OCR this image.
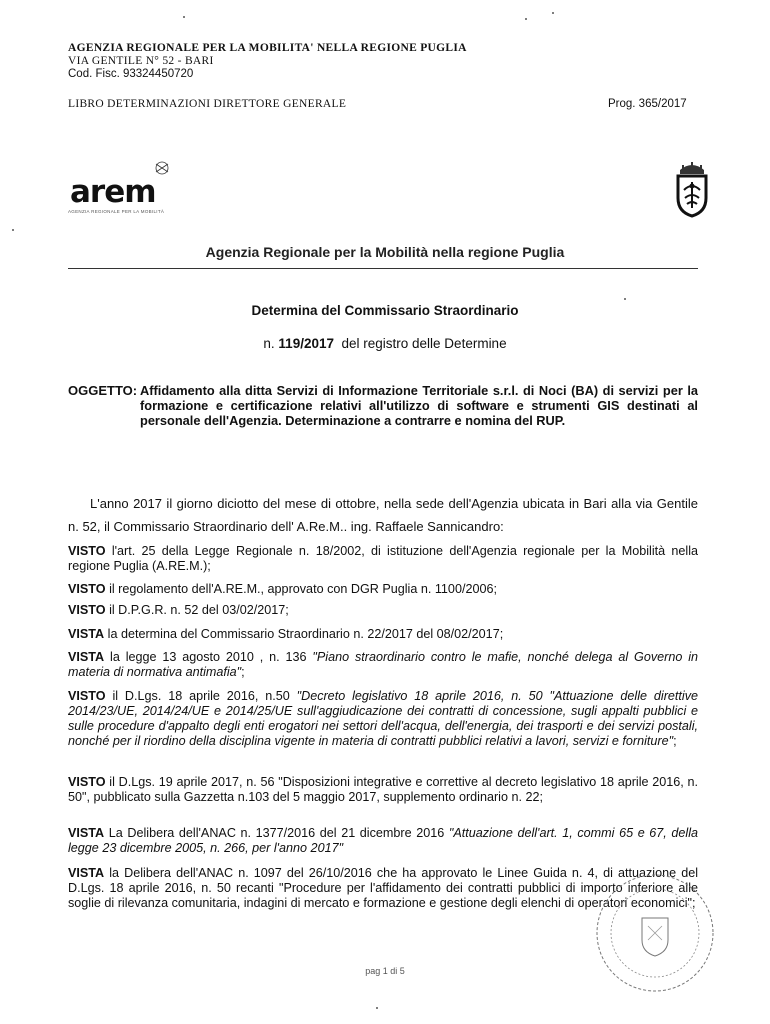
AGENZIA REGIONALE PER LA MOBILITA' NELLA REGIONE PUGLIA
VIA GENTILE N° 52 - BARI
Cod. Fisc. 93324450720
LIBRO DETERMINAZIONI DIRETTORE GENERALE	Prog. 365/2017
arem
AGENZIA REGIONALE PER LA MOBILITÀ
Agenzia Regionale per la Mobilità nella regione Puglia
Determina del Commissario Straordinario
n. 119/2017 del registro delle Determine
OGGETTO: Affidamento alla ditta Servizi di Informazione Territoriale s.r.l. di Noci (BA) di servizi per la formazione e certificazione relativi all'utilizzo di software e strumenti GIS destinati al personale dell'Agenzia. Determinazione a contrarre e nomina del RUP.
L'anno 2017 il giorno diciotto del mese di ottobre, nella sede dell'Agenzia ubicata in Bari alla via Gentile n. 52, il Commissario Straordinario dell' A.Re.M.. ing. Raffaele Sannicandro:
VISTO l'art. 25 della Legge Regionale n. 18/2002, di istituzione dell'Agenzia regionale per la Mobilità nella regione Puglia (A.RE.M.);
VISTO il regolamento dell'A.RE.M., approvato con DGR Puglia n. 1100/2006;
VISTO il D.P.G.R. n. 52 del 03/02/2017;
VISTA la determina del Commissario Straordinario n. 22/2017 del 08/02/2017;
VISTA la legge 13 agosto 2010 , n. 136 "Piano straordinario contro le mafie, nonché delega al Governo in materia di normativa antimafia";
VISTO il D.Lgs. 18 aprile 2016, n.50 "Decreto legislativo 18 aprile 2016, n. 50 "Attuazione delle direttive 2014/23/UE, 2014/24/UE e 2014/25/UE sull'aggiudicazione dei contratti di concessione, sugli appalti pubblici e sulle procedure d'appalto degli enti erogatori nei settori dell'acqua, dell'energia, dei trasporti e dei servizi postali, nonché per il riordino della disciplina vigente in materia di contratti pubblici relativi a lavori, servizi e forniture";
VISTO il D.Lgs. 19 aprile 2017, n. 56 "Disposizioni integrative e correttive al decreto legislativo 18 aprile 2016, n. 50", pubblicato sulla Gazzetta n.103 del 5 maggio 2017, supplemento ordinario n. 22;
VISTA La Delibera dell'ANAC n. 1377/2016 del 21 dicembre 2016 "Attuazione dell'art. 1, commi 65 e 67, della legge 23 dicembre 2005, n. 266, per l'anno 2017"
VISTA la Delibera dell'ANAC n. 1097 del 26/10/2016 che ha approvato le Linee Guida n. 4, di attuazione del D.Lgs. 18 aprile 2016, n. 50 recanti "Procedure per l'affidamento dei contratti pubblici di importo inferiore alle soglie di rilevanza comunitaria, indagini di mercato e formazione e gestione degli elenchi di operatori economici";
pag 1 di 5
